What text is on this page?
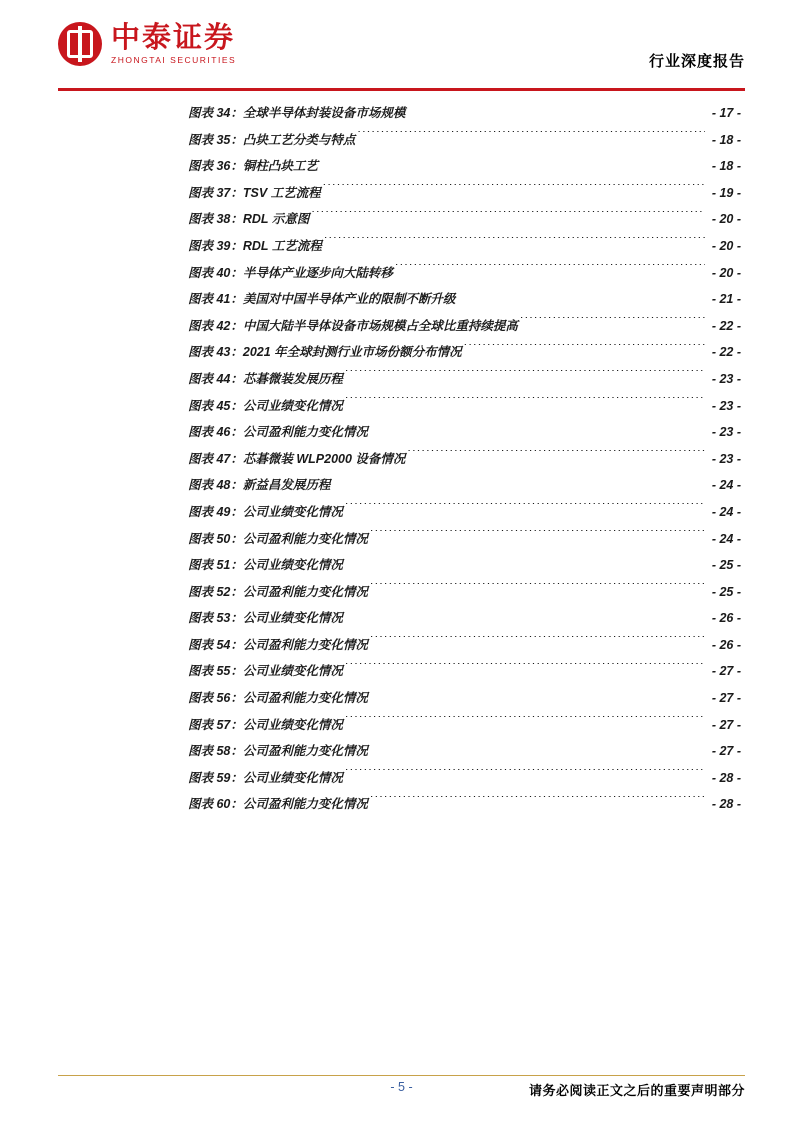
中泰证券
ZHONGTAI SECURITIES	行业深度报告
图表 34：全球半导体封装设备市场规模 .....	- 17 -
图表 35：凸块工艺分类与特点 .....	- 18 -
图表 36：铜柱凸块工艺 .....	- 18 -
图表 37：TSV 工艺流程 .....	- 19 -
图表 38：RDL 示意图 .....	- 20 -
图表 39：RDL 工艺流程 .....	- 20 -
图表 40：半导体产业逐步向大陆转移 .....	- 20 -
图表 41：美国对中国半导体产业的限制不断升级 .....	- 21 -
图表 42：中国大陆半导体设备市场规模占全球比重持续提高 .....	- 22 -
图表 43：2021 年全球封测行业市场份额分布情况 .....	- 22 -
图表 44：芯碁微装发展历程 .....	- 23 -
图表 45：公司业绩变化情况 .....	- 23 -
图表 46：公司盈利能力变化情况 .....	- 23 -
图表 47：芯碁微装 WLP2000 设备情况 .....	- 23 -
图表 48：新益昌发展历程 .....	- 24 -
图表 49：公司业绩变化情况 .....	- 24 -
图表 50：公司盈利能力变化情况 .....	- 24 -
图表 51：公司业绩变化情况 .....	- 25 -
图表 52：公司盈利能力变化情况 .....	- 25 -
图表 53：公司业绩变化情况 .....	- 26 -
图表 54：公司盈利能力变化情况 .....	- 26 -
图表 55：公司业绩变化情况 .....	- 27 -
图表 56：公司盈利能力变化情况 .....	- 27 -
图表 57：公司业绩变化情况 .....	- 27 -
图表 58：公司盈利能力变化情况 .....	- 27 -
图表 59：公司业绩变化情况 .....	- 28 -
图表 60：公司盈利能力变化情况 .....	- 28 -
- 5 -	请务必阅读正文之后的重要声明部分
